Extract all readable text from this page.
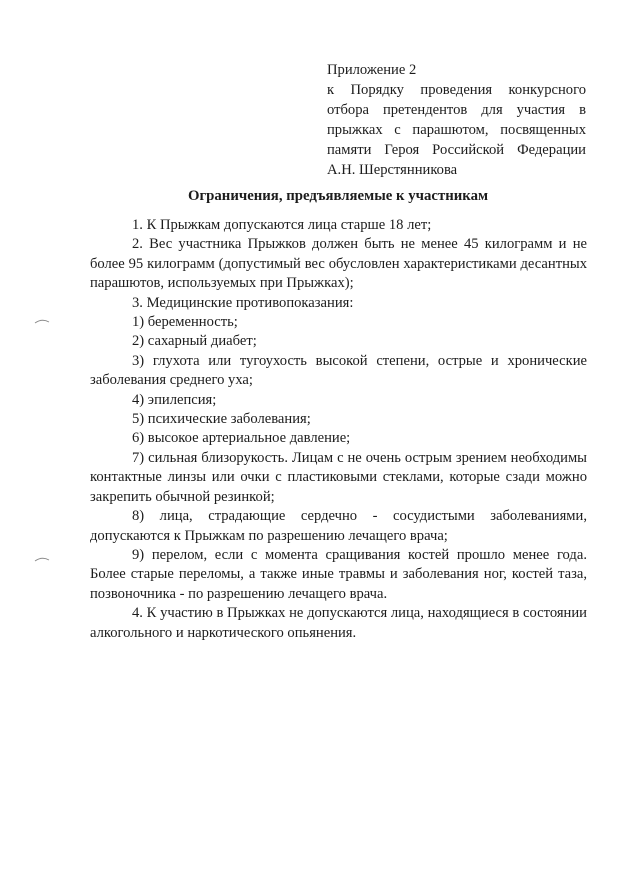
Приложение 2
к Порядку проведения конкурсного отбора претендентов для участия в прыжках с парашютом, посвященных памяти Героя Российской Федерации А.Н. Шерстянникова
Ограничения, предъявляемые к участникам

1. К Прыжкам допускаются лица старше 18 лет;

2. Вес участника Прыжков должен быть не менее 45 килограмм и не более 95 килограмм (допустимый вес обусловлен характеристиками десантных парашютов, используемых при Прыжках);

3. Медицинские противопоказания:

1) беременность;

2) сахарный диабет;

3) глухота или тугоухость высокой степени, острые и хронические заболевания среднего уха;

4) эпилепсия;

5) психические заболевания;

6) высокое артериальное давление;

7) сильная близорукость. Лицам с не очень острым зрением необходимы контактные линзы или очки с пластиковыми стеклами, которые сзади можно закрепить обычной резинкой;

8) лица, страдающие сердечно - сосудистыми заболеваниями, допускаются к Прыжкам по разрешению лечащего врача;

9) перелом, если с момента сращивания костей прошло менее года. Более старые переломы, а также иные травмы и заболевания ног, костей таза, позвоночника - по разрешению лечащего врача.

4. К участию в Прыжках не допускаются лица, находящиеся в состоянии алкогольного и наркотического опьянения.
